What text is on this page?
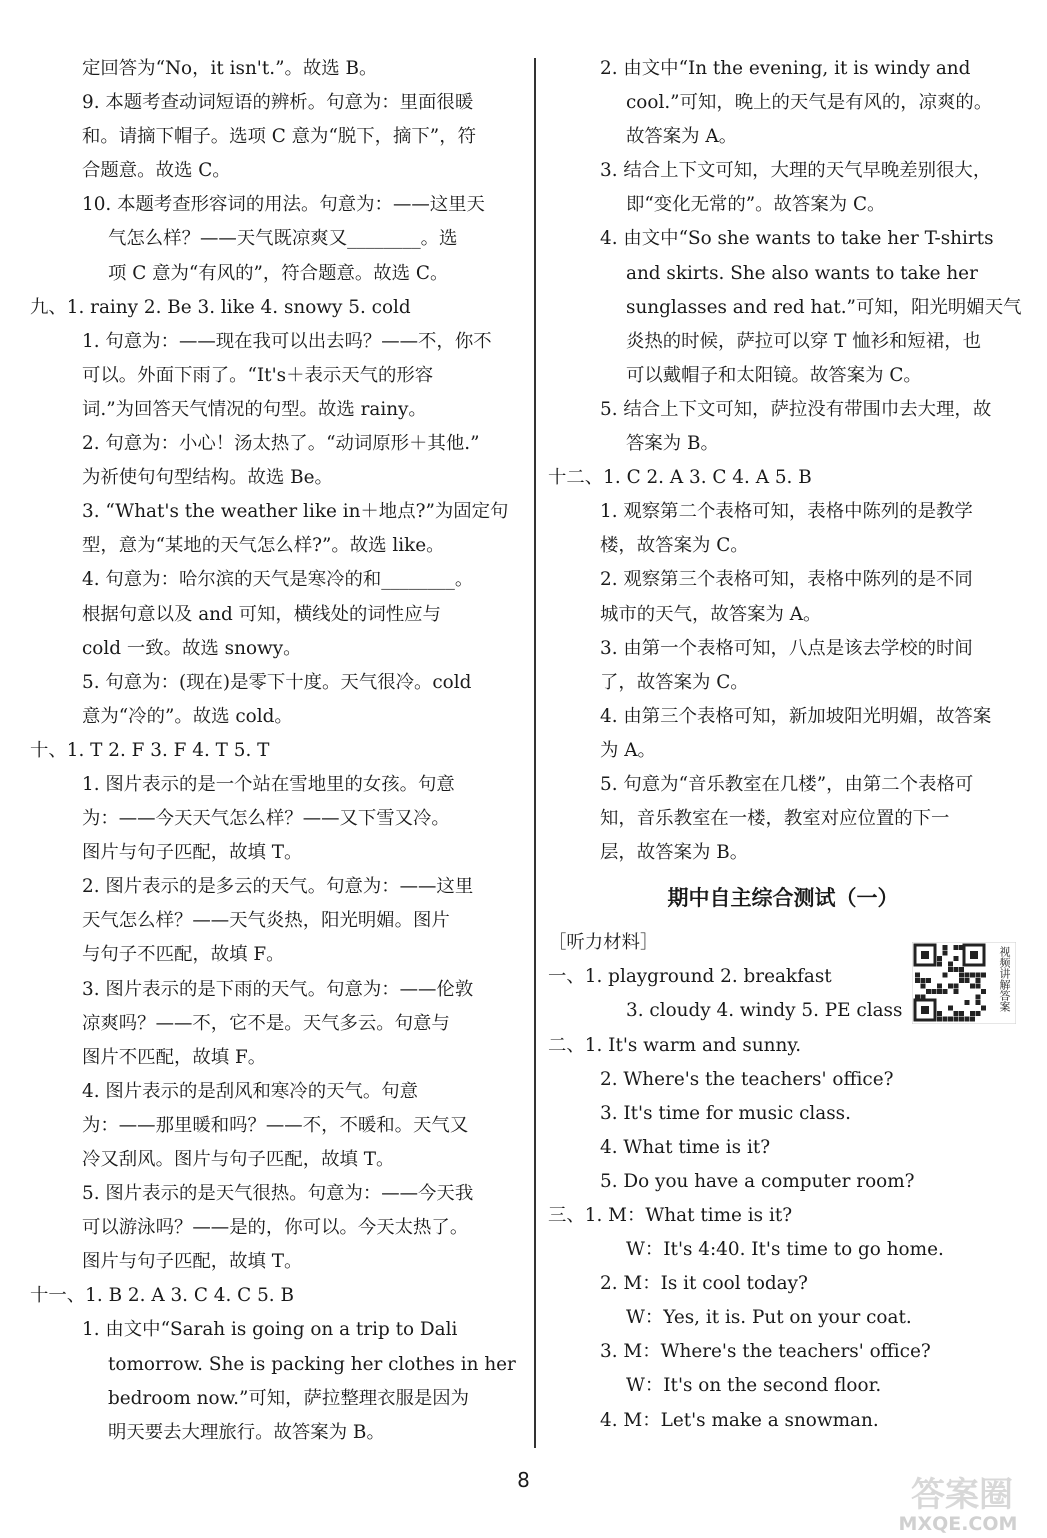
定回答为“No，it isn't.”。故选 B。
9. 本题考查动词短语的辨析。句意为：里面很暖
和。请摘下帽子。选项 C 意为“脱下，摘下”，符
合题意。故选 C。
10. 本题考查形容词的用法。句意为：——这里天
气怎么样？——天气既凉爽又________。选
项 C 意为“有风的”，符合题意。故选 C。
九、1. rainy 2. Be 3. like 4. snowy 5. cold
1. 句意为：——现在我可以出去吗？——不，你不
可以。外面下雨了。“It's＋表示天气的形容
词.”为回答天气情况的句型。故选 rainy。
2. 句意为：小心！汤太热了。“动词原形＋其他.”
为祈使句句型结构。故选 Be。
3. “What's the weather like in＋地点?”为固定句
型，意为“某地的天气怎么样?”。故选 like。
4. 句意为：哈尔滨的天气是寒冷的和________。
根据句意以及 and 可知，横线处的词性应与
cold 一致。故选 snowy。
5. 句意为：(现在)是零下十度。天气很冷。cold
意为“冷的”。故选 cold。
十、1. T 2. F 3. F 4. T 5. T
1. 图片表示的是一个站在雪地里的女孩。句意
为：——今天天气怎么样？——又下雪又冷。
图片与句子匹配，故填 T。
2. 图片表示的是多云的天气。句意为：——这里
天气怎么样？——天气炎热，阳光明媚。图片
与句子不匹配，故填 F。
3. 图片表示的是下雨的天气。句意为：——伦敦
凉爽吗？——不，它不是。天气多云。句意与
图片不匹配，故填 F。
4. 图片表示的是刮风和寒冷的天气。句意
为：——那里暖和吗？——不，不暖和。天气又
冷又刮风。图片与句子匹配，故填 T。
5. 图片表示的是天气很热。句意为：——今天我
可以游泳吗？——是的，你可以。今天太热了。
图片与句子匹配，故填 T。
十一、1. B 2. A 3. C 4. C 5. B
1. 由文中“Sarah is going on a trip to Dali
tomorrow. She is packing her clothes in her
bedroom now.”可知，萨拉整理衣服是因为
明天要去大理旅行。故答案为 B。
2. 由文中“In the evening, it is windy and
cool.”可知，晚上的天气是有风的，凉爽的。
故答案为 A。
3. 结合上下文可知，大理的天气早晚差别很大，
即“变化无常的”。故答案为 C。
4. 由文中“So she wants to take her T-shirts
and skirts. She also wants to take her
sunglasses and red hat.”可知，阳光明媚天气
炎热的时候，萨拉可以穿 T 恤衫和短裙，也
可以戴帽子和太阳镜。故答案为 C。
5. 结合上下文可知，萨拉没有带围巾去大理，故
答案为 B。
十二、1. C 2. A 3. C 4. A 5. B
1. 观察第二个表格可知，表格中陈列的是教学
楼，故答案为 C。
2. 观察第三个表格可知，表格中陈列的是不同
城市的天气，故答案为 A。
3. 由第一个表格可知，八点是该去学校的时间
了，故答案为 C。
4. 由第三个表格可知，新加坡阳光明媚，故答案
为 A。
5. 句意为“音乐教室在几楼”，由第二个表格可
知，音乐教室在一楼，教室对应位置的下一
层，故答案为 B。
期中自主综合测试（一）
［听力材料］
一、1. playground 2. breakfast
3. cloudy 4. windy 5. PE class
二、1. It's warm and sunny.
2. Where's the teachers' office?
3. It's time for music class.
4. What time is it?
5. Do you have a computer room?
三、1. M：What time is it?
W：It's 4:40. It's time to go home.
2. M：Is it cool today?
W：Yes, it is. Put on your coat.
3. M：Where's the teachers' office?
W：It's on the second floor.
4. M：Let's make a snowman.
视频讲解答案
8	答案圈
MXQE.COM
